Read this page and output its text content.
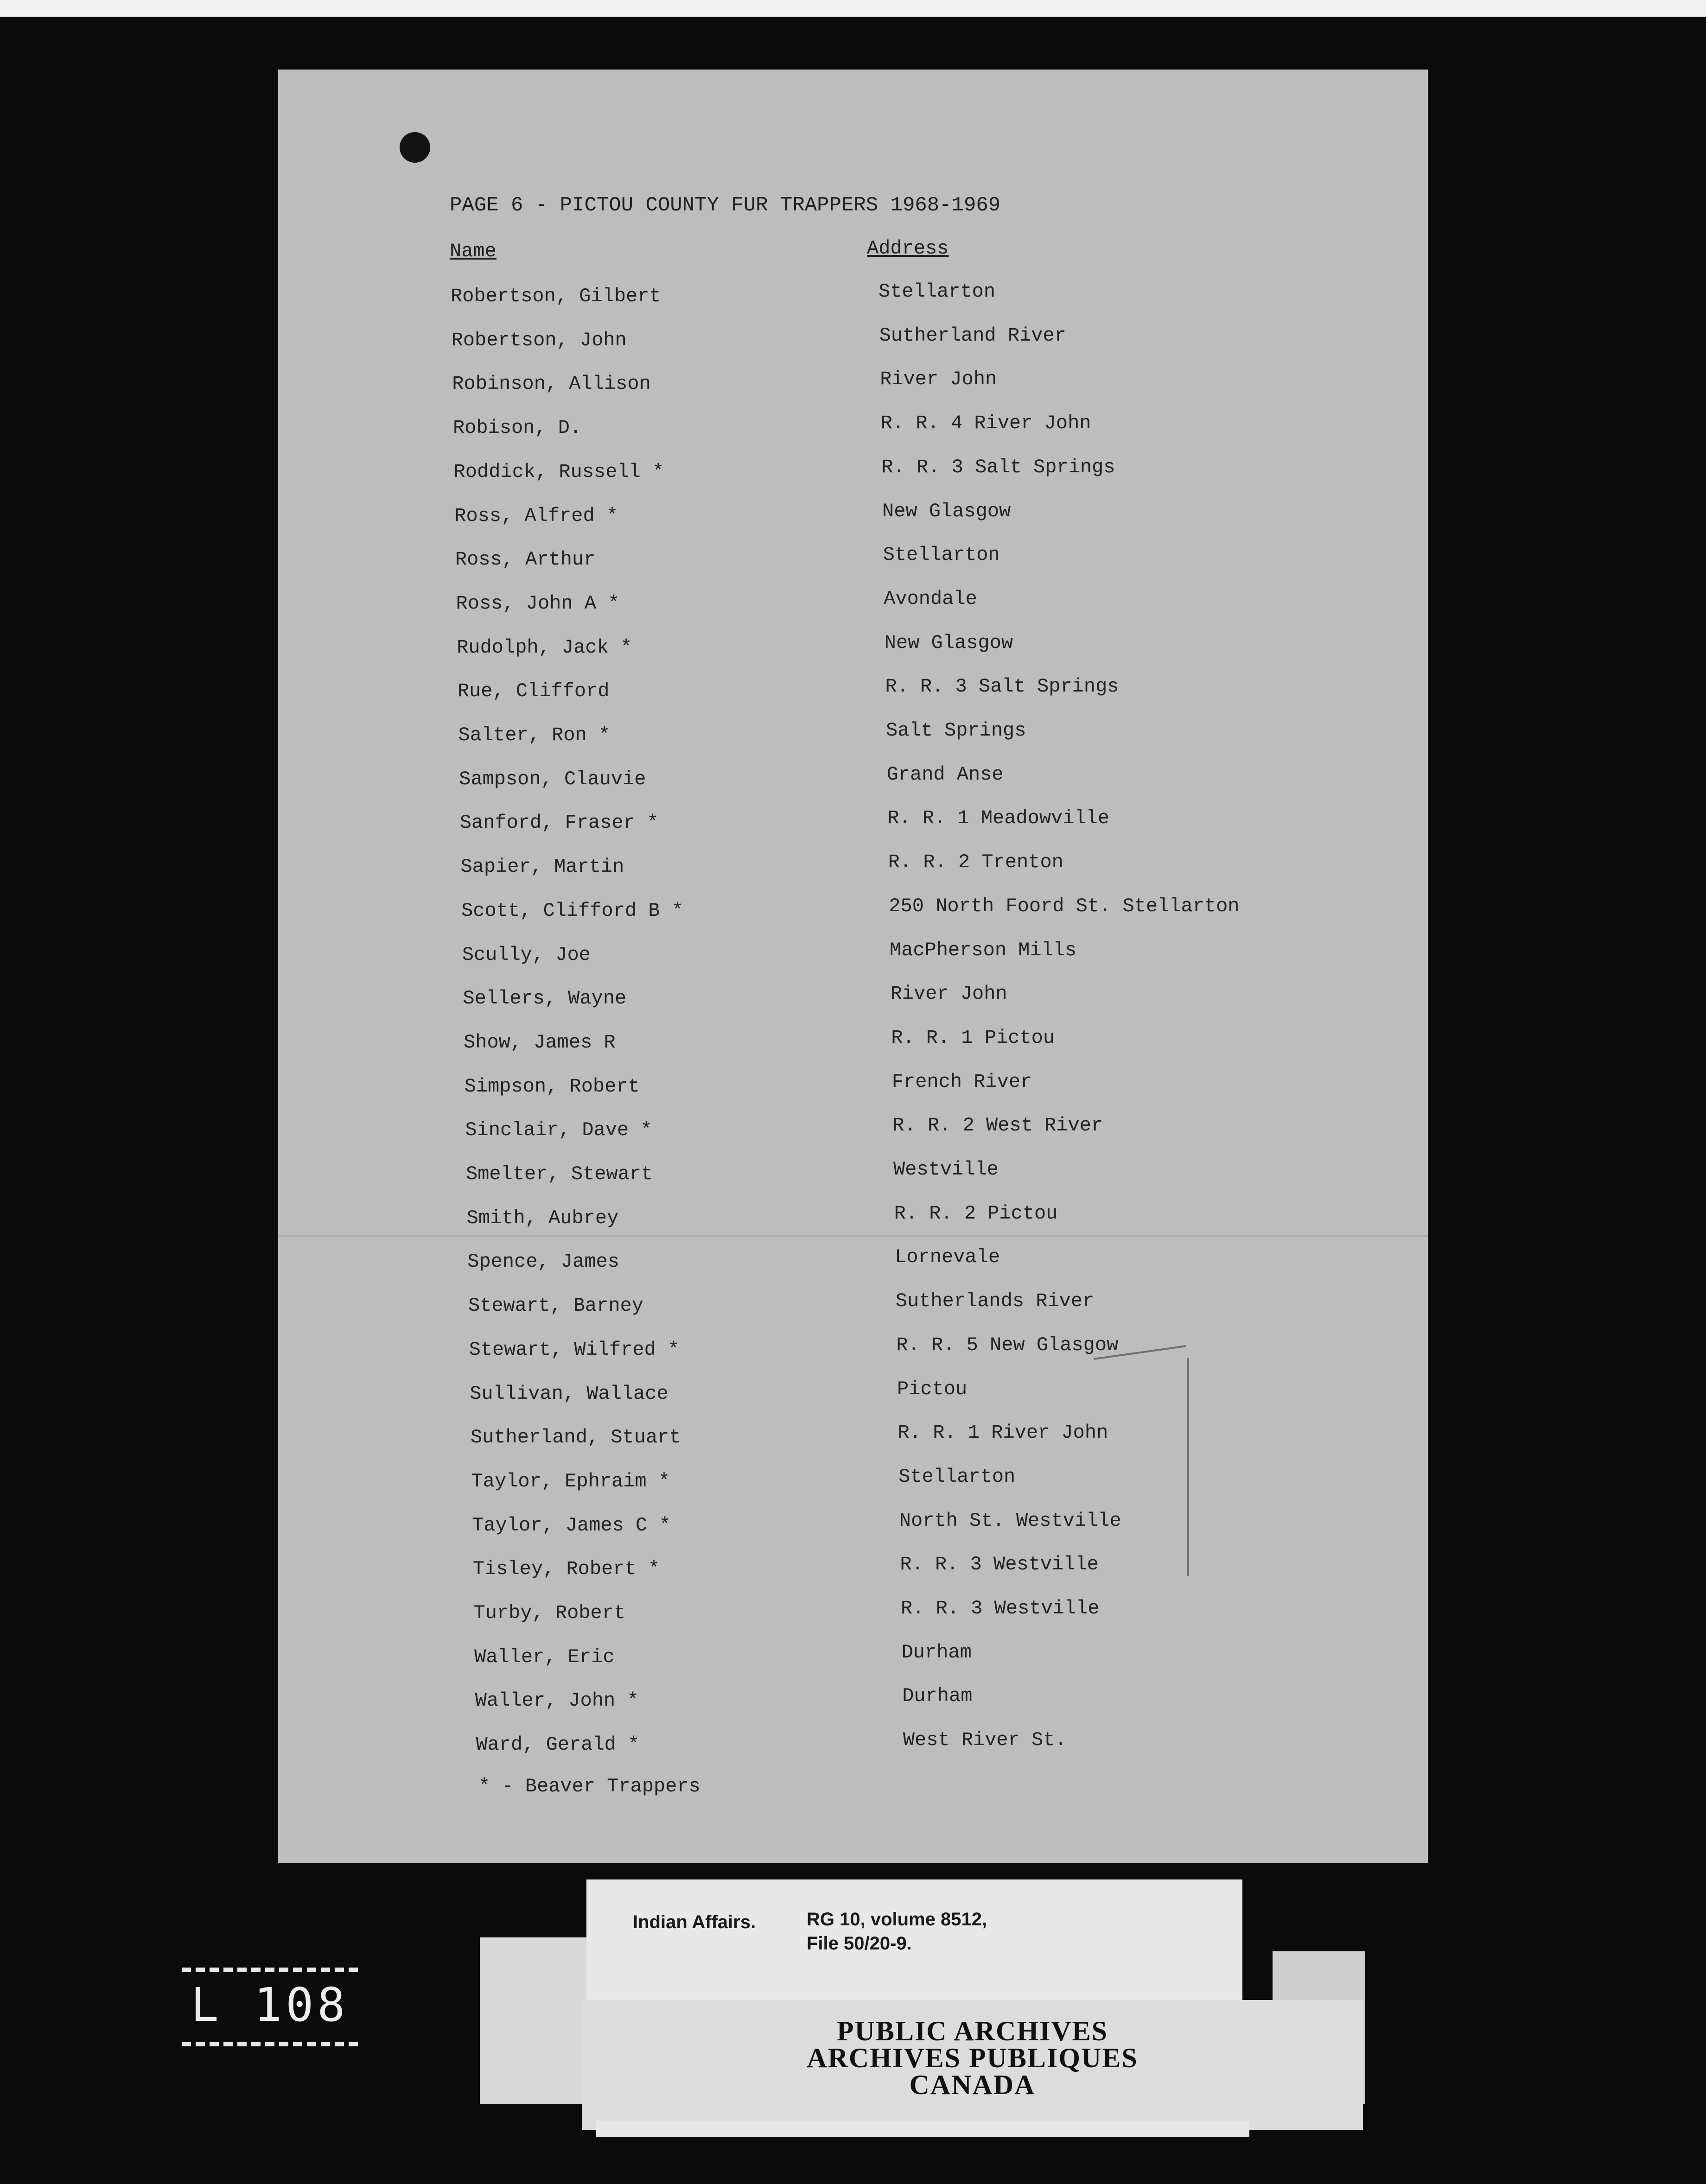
PAGE 6 - PICTOU COUNTY FUR TRAPPERS 1968-1969
Name	Address
Robertson, Gilbert	Stellarton
Robertson, John	Sutherland River
Robinson, Allison	River John
Robison, D.	R. R. 4 River John
Roddick, Russell *	R. R. 3 Salt Springs
Ross, Alfred *	New Glasgow
Ross, Arthur	Stellarton
Ross, John A *	Avondale
Rudolph, Jack *	New Glasgow
Rue, Clifford	R. R. 3 Salt Springs
Salter, Ron *	Salt Springs
Sampson, Clauvie	Grand Anse
Sanford, Fraser *	R. R. 1 Meadowville
Sapier, Martin	R. R. 2 Trenton
Scott, Clifford B *	250 North Foord St. Stellarton
Scully, Joe	MacPherson Mills
Sellers, Wayne	River John
Show, James R	R. R. 1 Pictou
Simpson, Robert	French River
Sinclair, Dave *	R. R. 2 West River
Smelter, Stewart	Westville
Smith, Aubrey	R. R. 2 Pictou
Spence, James	Lornevale
Stewart, Barney	Sutherlands River
Stewart, Wilfred *	R. R. 5 New Glasgow
Sullivan, Wallace	Pictou
Sutherland, Stuart	R. R. 1 River John
Taylor, Ephraim *	Stellarton
Taylor, James C *	North St. Westville
Tisley, Robert *	R. R. 3 Westville
Turby, Robert	R. R. 3 Westville
Waller, Eric	Durham
Waller, John *	Durham
Ward, Gerald *	West River St.
* - Beaver Trappers
Indian Affairs.	RG 10, volume 8512,
File 50/20-9.
PUBLIC ARCHIVES
ARCHIVES PUBLIQUES
CANADA
L 108
